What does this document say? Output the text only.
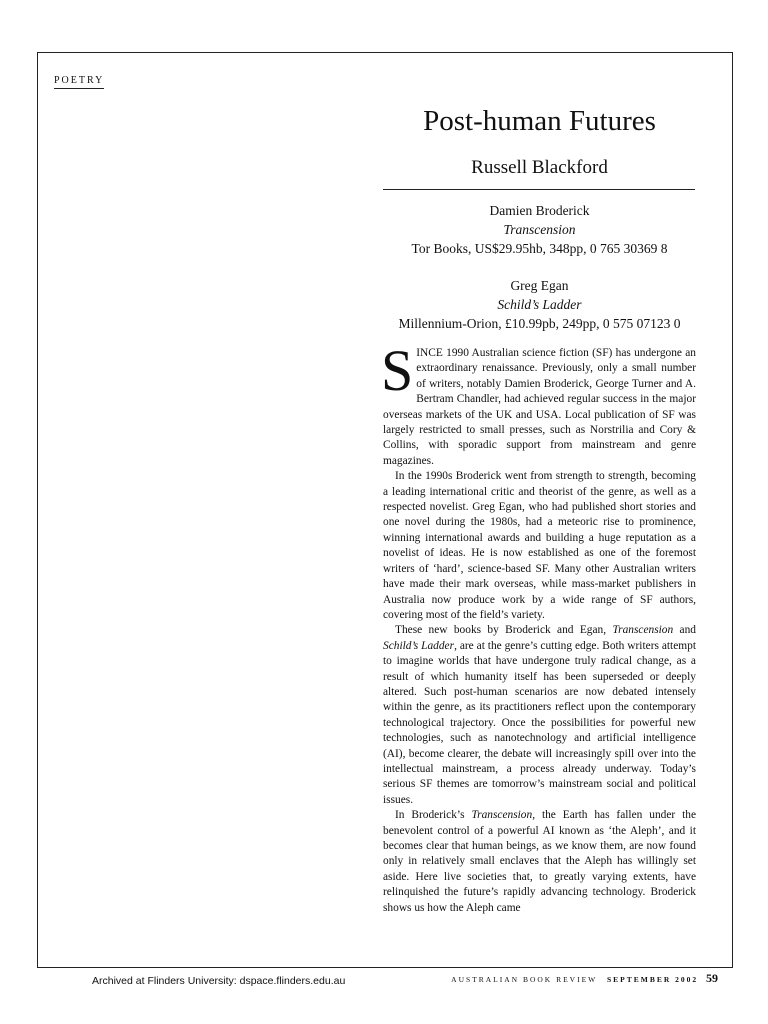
POETRY
Post-human Futures
Russell Blackford
Damien Broderick
Transcension
Tor Books, US$29.95hb, 348pp, 0 765 30369 8
Greg Egan
Schild’s Ladder
Millennium-Orion, £10.99pb, 249pp, 0 575 07123 0

SINCE 1990 Australian science fiction (SF) has undergone an extraordinary renaissance. Previously, only a small number of writers, notably Damien Broderick, George Turner and A. Bertram Chandler, had achieved regular success in the major overseas markets of the UK and USA. Local publication of SF was largely restricted to small presses, such as Norstrilia and Cory & Collins, with sporadic support from mainstream and genre magazines.

In the 1990s Broderick went from strength to strength, becoming a leading international critic and theorist of the genre, as well as a respected novelist. Greg Egan, who had published short stories and one novel during the 1980s, had a meteoric rise to prominence, winning international awards and building a huge reputation as a novelist of ideas. He is now established as one of the foremost writers of ‘hard’, science-based SF. Many other Australian writers have made their mark overseas, while mass-market publishers in Australia now produce work by a wide range of SF authors, covering most of the field’s variety.

These new books by Broderick and Egan, Transcension and Schild’s Ladder, are at the genre’s cutting edge. Both writers attempt to imagine worlds that have undergone truly radical change, as a result of which humanity itself has been superseded or deeply altered. Such post-human scenarios are now debated intensely within the genre, as its practitioners reflect upon the contemporary technological trajectory. Once the possibilities for powerful new technologies, such as nanotechnology and artificial intelligence (AI), become clearer, the debate will increasingly spill over into the intellectual mainstream, a process already underway. Today’s serious SF themes are tomorrow’s mainstream social and political issues.

In Broderick’s Transcension, the Earth has fallen under the benevolent control of a powerful AI known as ‘the Aleph’, and it becomes clear that human beings, as we know them, are now found only in relatively small enclaves that the Aleph has willingly set aside. Here live societies that, to greatly varying extents, have relinquished the future’s rapidly advancing technology. Broderick shows us how the Aleph came

Archived at Flinders University: dspace.flinders.edu.au	AUSTRALIAN BOOK REVIEW SEPTEMBER 2002 59
